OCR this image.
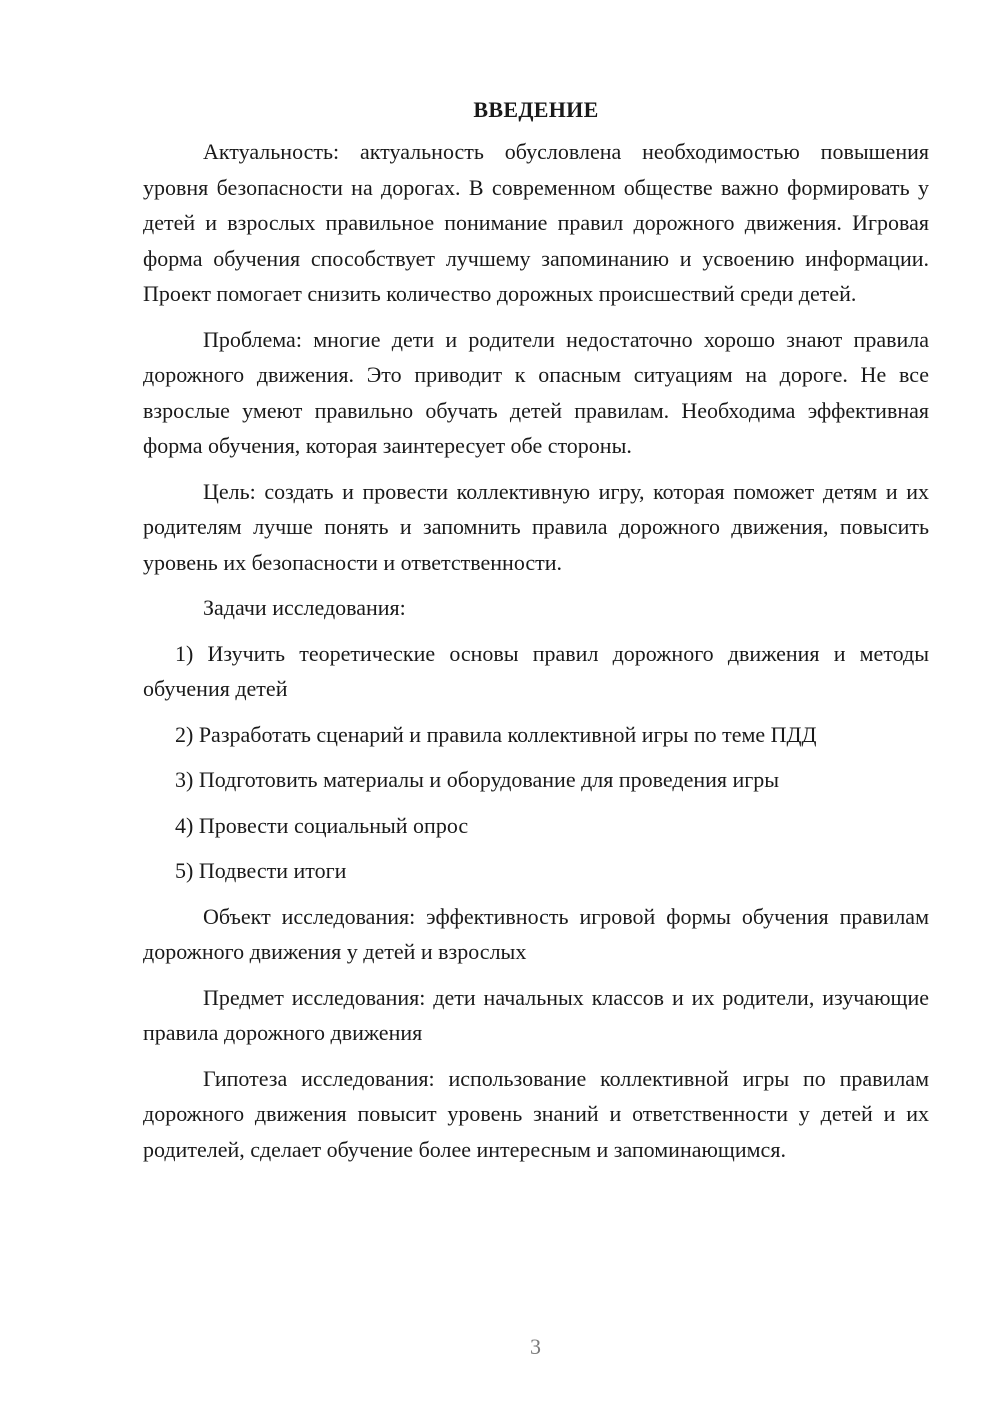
ВВЕДЕНИЕ

Актуальность: актуальность обусловлена необходимостью повышения уровня безопасности на дорогах. В современном обществе важно формировать у детей и взрослых правильное понимание правил дорожного движения. Игровая форма обучения способствует лучшему запоминанию и усвоению информации. Проект помогает снизить количество дорожных происшествий среди детей.

Проблема: многие дети и родители недостаточно хорошо знают правила дорожного движения. Это приводит к опасным ситуациям на дороге. Не все взрослые умеют правильно обучать детей правилам. Необходима эффективная форма обучения, которая заинтересует обе стороны.

Цель: создать и провести коллективную игру, которая поможет детям и их родителям лучше понять и запомнить правила дорожного движения, повысить уровень их безопасности и ответственности.

Задачи исследования:

1) Изучить теоретические основы правил дорожного движения и методы обучения детей

2) Разработать сценарий и правила коллективной игры по теме ПДД

3) Подготовить материалы и оборудование для проведения игры

4) Провести социальный опрос

5) Подвести итоги

Объект исследования: эффективность игровой формы обучения правилам дорожного движения у детей и взрослых

Предмет исследования: дети начальных классов и их родители, изучающие правила дорожного движения

Гипотеза исследования: использование коллективной игры по правилам дорожного движения повысит уровень знаний и ответственности у детей и их родителей, сделает обучение более интересным и запоминающимся.

3
